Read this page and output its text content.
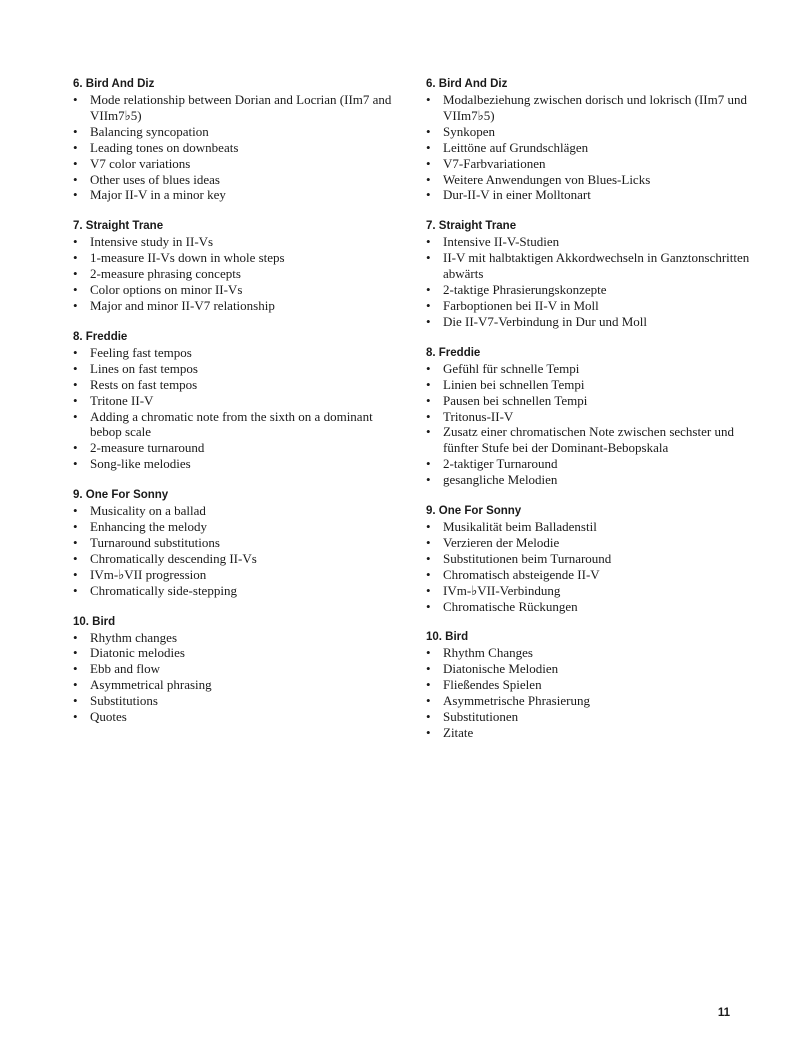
6. Bird And Diz
• Mode relationship between Dorian and Locrian (IIm7 and VIIm7♭5)
• Balancing syncopation
• Leading tones on downbeats
• V7 color variations
• Other uses of blues ideas
• Major II-V in a minor key
7. Straight Trane
• Intensive study in II-Vs
• 1-measure II-Vs down in whole steps
• 2-measure phrasing concepts
• Color options on minor II-Vs
• Major and minor II-V7 relationship
8. Freddie
• Feeling fast tempos
• Lines on fast tempos
• Rests on fast tempos
• Tritone II-V
• Adding a chromatic note from the sixth on a dominant bebop scale
• 2-measure turnaround
• Song-like melodies
9. One For Sonny
• Musicality on a ballad
• Enhancing the melody
• Turnaround substitutions
• Chromatically descending II-Vs
• IVm-♭VII progression
• Chromatically side-stepping
10. Bird
• Rhythm changes
• Diatonic melodies
• Ebb and flow
• Asymmetrical phrasing
• Substitutions
• Quotes
6. Bird And Diz
• Modalbeziehung zwischen dorisch und lokrisch (IIm7 und VIIm7♭5)
• Synkopen
• Leittöne auf Grundschlägen
• V7-Farbvariationen
• Weitere Anwendungen von Blues-Licks
• Dur-II-V in einer Molltonart
7. Straight Trane
• Intensive II-V-Studien
• II-V mit halbtaktigen Akkordwechseln in Ganztonschritten abwärts
• 2-taktige Phrasierungskonzepte
• Farboptionen bei II-V in Moll
• Die II-V7-Verbindung in Dur und Moll
8. Freddie
• Gefühl für schnelle Tempi
• Linien bei schnellen Tempi
• Pausen bei schnellen Tempi
• Tritonus-II-V
• Zusatz einer chromatischen Note zwischen sechster und fünfter Stufe bei der Dominant-Bebopskala
• 2-taktiger Turnaround
• gesangliche Melodien
9. One For Sonny
• Musikalität beim Balladenstil
• Verzieren der Melodie
• Substitutionen beim Turnaround
• Chromatisch absteigende II-V
• IVm-♭VII-Verbindung
• Chromatische Rückungen
10. Bird
• Rhythm Changes
• Diatonische Melodien
• Fließendes Spielen
• Asymmetrische Phrasierung
• Substitutionen
• Zitate
11
